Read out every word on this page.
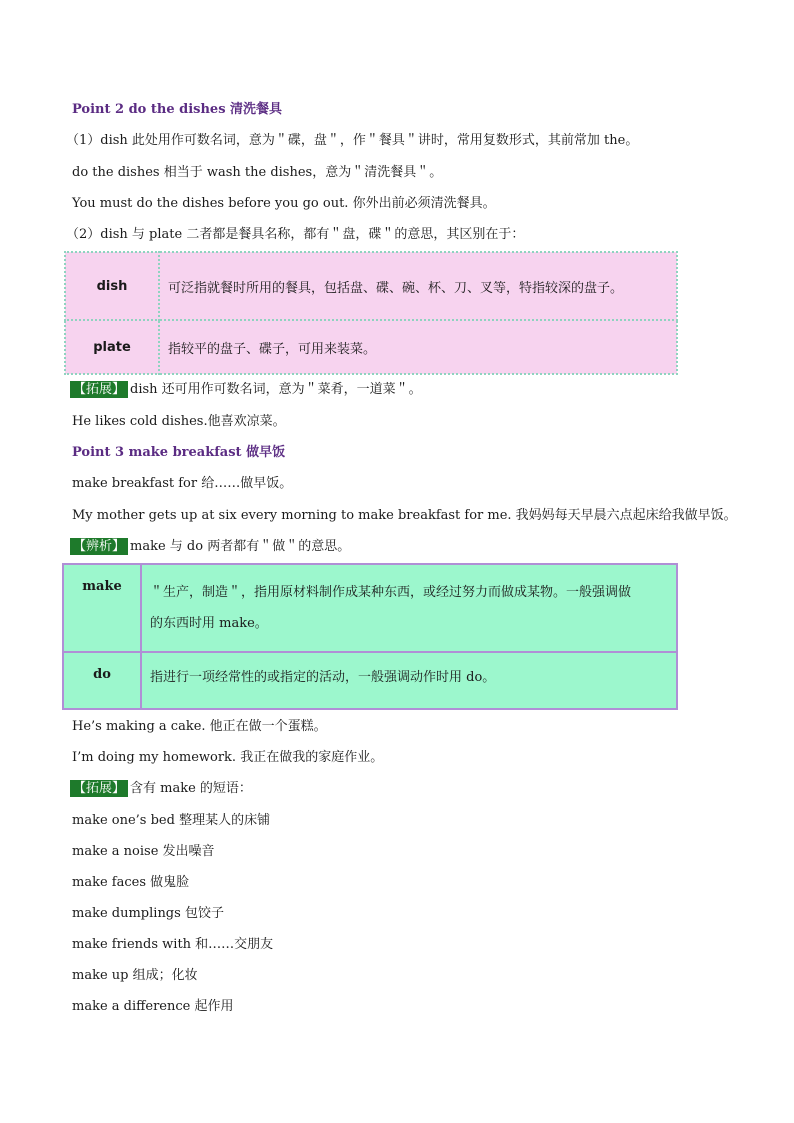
Point 2 do the dishes 清洗餐具
（1）dish 此处用作可数名词，意为＂碟，盘＂，作＂餐具＂讲时，常用复数形式，其前常加 the。
do the dishes 相当于 wash the dishes，意为＂清洗餐具＂。
You must do the dishes before you go out. 你外出前必须清洗餐具。
（2）dish 与 plate 二者都是餐具名称，都有＂盘，碟＂的意思，其区别在于：
dish	可泛指就餐时所用的餐具，包括盘、碟、碗、杯、刀、叉等，特指较深的盘子。
plate	指较平的盘子、碟子，可用来装菜。
【拓展】 dish 还可用作可数名词，意为＂菜肴，一道菜＂。
He likes cold dishes.他喜欢凉菜。
Point 3 make breakfast 做早饭
make breakfast for 给……做早饭。
My mother gets up at six every morning to make breakfast for me. 我妈妈每天早晨六点起床给我做早饭。
【辨析】 make 与 do 两者都有＂做＂的意思。
make	＂生产，制造＂，指用原材料制作成某种东西，或经过努力而做成某物。一般强调做
的东西时用 make。

do	指进行一项经常性的或指定的活动，一般强调动作时用 do。
He’s making a cake. 他正在做一个蛋糕。
I’m doing my homework. 我正在做我的家庭作业。
【拓展】 含有 make 的短语：
make one’s bed 整理某人的床铺
make a noise 发出噪音
make faces 做鬼脸
make dumplings 包饺子
make friends with 和……交朋友
make up 组成；化妆
make a difference 起作用
